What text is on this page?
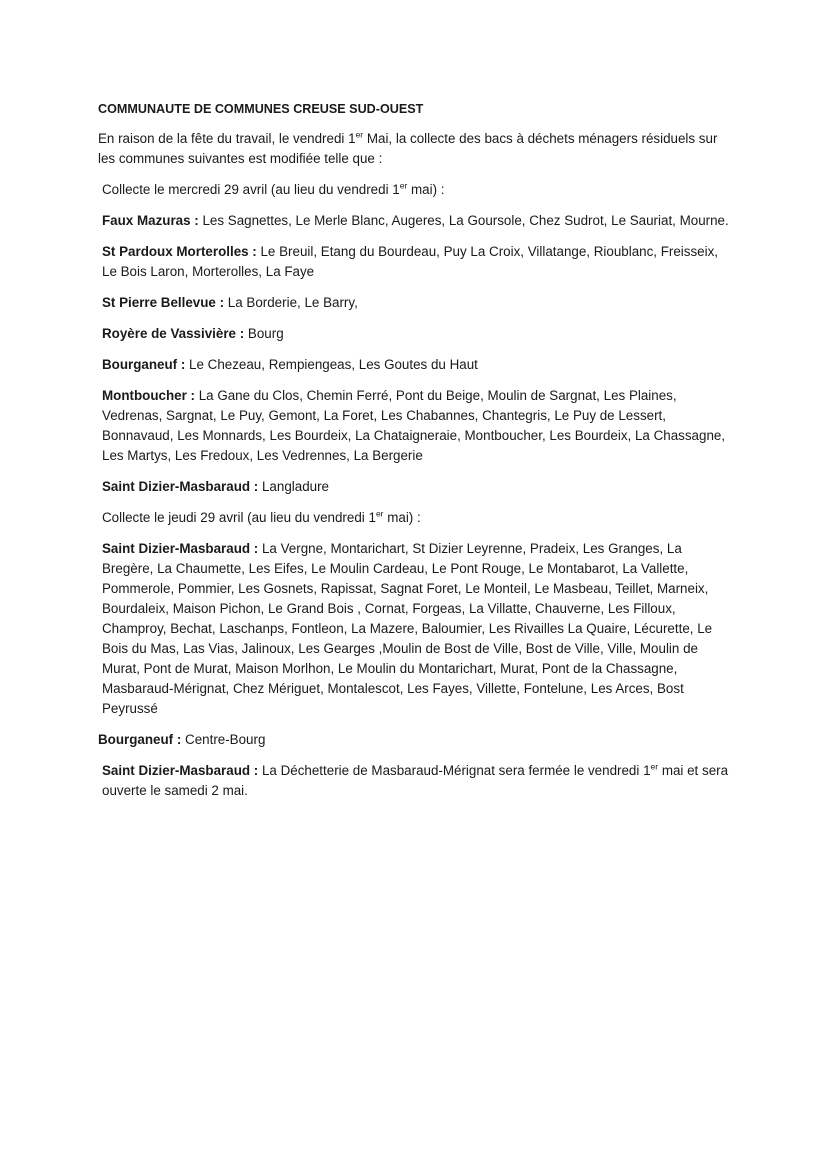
COMMUNAUTE DE COMMUNES CREUSE SUD-OUEST

En raison de la fête du travail, le vendredi 1er Mai, la collecte des bacs à déchets ménagers résiduels sur les communes suivantes est modifiée telle que :

Collecte le mercredi 29 avril (au lieu du vendredi 1er mai) :

Faux Mazuras : Les Sagnettes, Le Merle Blanc, Augeres, La Goursole, Chez Sudrot, Le Sauriat, Mourne.

St Pardoux Morterolles : Le Breuil, Etang du Bourdeau, Puy La Croix, Villatange, Rioublanc, Freisseix, Le Bois Laron, Morterolles, La Faye

St Pierre Bellevue : La Borderie, Le Barry,

Royère de Vassivière : Bourg

Bourganeuf : Le Chezeau, Rempiengeas, Les Goutes du Haut

Montboucher : La Gane du Clos, Chemin Ferré, Pont du Beige, Moulin de Sargnat, Les Plaines, Vedrenas, Sargnat, Le Puy, Gemont, La Foret, Les Chabannes, Chantegris, Le Puy de Lessert, Bonnavaud, Les Monnards, Les Bourdeix, La Chataigneraie, Montboucher, Les Bourdeix, La Chassagne, Les Martys, Les Fredoux, Les Vedrennes, La Bergerie

Saint Dizier-Masbaraud : Langladure

Collecte le jeudi 29 avril (au lieu du vendredi 1er mai) :

Saint Dizier-Masbaraud : La Vergne, Montarichart, St Dizier Leyrenne, Pradeix, Les Granges, La Bregère, La Chaumette, Les Eifes, Le Moulin Cardeau, Le Pont Rouge, Le Montabarot, La Vallette, Pommerole, Pommier, Les Gosnets, Rapissat, Sagnat Foret, Le Monteil, Le Masbeau, Teillet, Marneix, Bourdaleix, Maison Pichon, Le Grand Bois , Cornat, Forgeas, La Villatte, Chauverne, Les Filloux, Champroy, Bechat, Laschanps, Fontleon, La Mazere, Baloumier, Les Rivailles La Quaire, Lécurette, Le Bois du Mas, Las Vias, Jalinoux, Les Gearges ,Moulin de Bost de Ville, Bost de Ville, Ville, Moulin de Murat, Pont de Murat, Maison Morlhon, Le Moulin du Montarichart, Murat, Pont de la Chassagne, Masbaraud-Mérignat, Chez Mériguet, Montalescot, Les Fayes, Villette, Fontelune, Les Arces, Bost Peyrussé

Bourganeuf : Centre-Bourg

Saint Dizier-Masbaraud : La Déchetterie de Masbaraud-Mérignat sera fermée le vendredi 1er mai et sera ouverte le samedi 2 mai.
